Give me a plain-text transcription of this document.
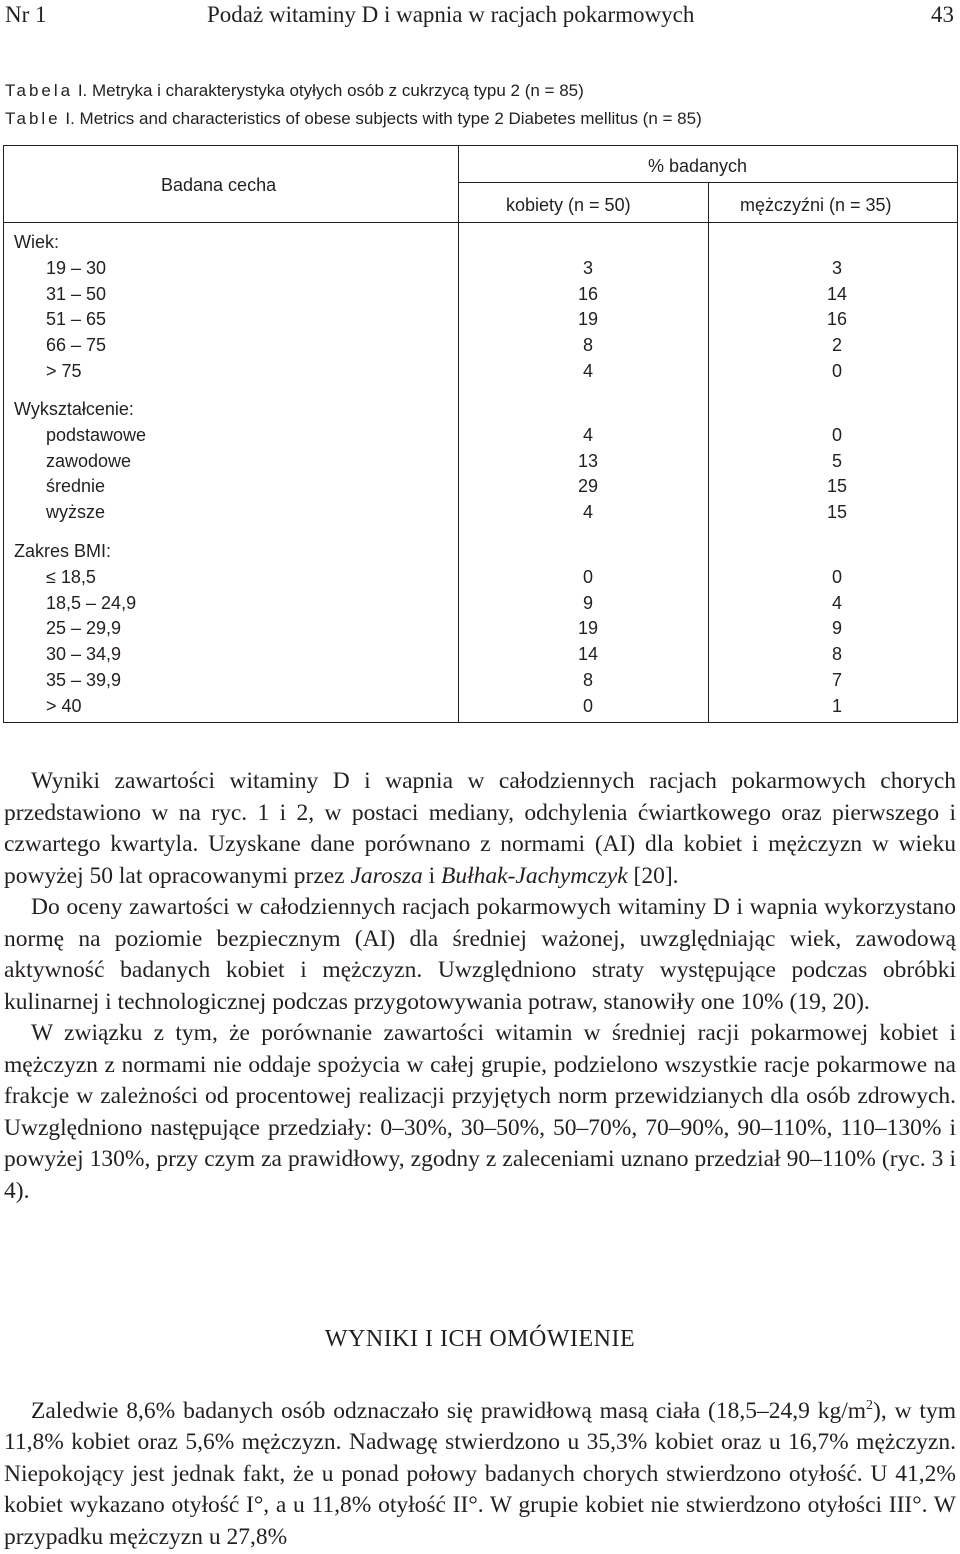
Nr 1	Podaż witaminy D i wapnia w racjach pokarmowych	43
Tabela I. Metryka i charakterystyka otyłych osób z cukrzycą typu 2 (n = 85)
Table I. Metrics and characteristics of obese subjects with type 2 Diabetes mellitus (n = 85)
Badana cecha
% badanych
kobiety (n = 50)	mężczyźni (n = 35)
Wiek:
19 – 30	3	3
31 – 50	16	14
51 – 65	19	16
66 – 75	8	2
> 75	4	0
Wykształcenie:
podstawowe	4	0
zawodowe	13	5
średnie	29	15
wyższe	4	15
Zakres BMI:
≤ 18,5	0	0
18,5 – 24,9	9	4
25 – 29,9	19	9
30 – 34,9	14	8
35 – 39,9	8	7
> 40	0	1

Wyniki zawartości witaminy D i wapnia w całodziennych racjach pokarmowych chorych przedstawiono w na ryc. 1 i 2, w postaci mediany, odchylenia ćwiartkowego oraz pierwszego i czwartego kwartyla. Uzyskane dane porównano z normami (AI) dla kobiet i mężczyzn w wieku powyżej 50 lat opracowanymi przez Jarosza i Bułhak-Jachymczyk [20].

Do oceny zawartości w całodziennych racjach pokarmowych witaminy D i wapnia wykorzystano normę na poziomie bezpiecznym (AI) dla średniej ważonej, uwzględniając wiek, zawodową aktywność badanych kobiet i mężczyzn. Uwzględniono straty występujące podczas obróbki kulinarnej i technologicznej podczas przygotowywania potraw, stanowiły one 10% (19, 20).

W związku z tym, że porównanie zawartości witamin w średniej racji pokarmowej kobiet i mężczyzn z normami nie oddaje spożycia w całej grupie, podzielono wszystkie racje pokarmowe na frakcje w zależności od procentowej realizacji przyjętych norm przewidzianych dla osób zdrowych. Uwzględniono następujące przedziały: 0–30%, 30–50%, 50–70%, 70–90%, 90–110%, 110–130% i powyżej 130%, przy czym za prawidłowy, zgodny z zaleceniami uznano przedział 90–110% (ryc. 3 i 4).

WYNIKI I ICH OMÓWIENIE

Zaledwie 8,6% badanych osób odznaczało się prawidłową masą ciała (18,5–24,9 $kg/m^2$), w tym 11,8% kobiet oraz 5,6% mężczyzn. Nadwagę stwierdzono u 35,3% kobiet oraz u 16,7% mężczyzn. Niepokojący jest jednak fakt, że u ponad połowy badanych chorych stwierdzono otyłość. U 41,2% kobiet wykazano otyłość I°, a u 11,8% otyłość II°. W grupie kobiet nie stwierdzono otyłości III°. W przypadku mężczyzn u 27,8%
